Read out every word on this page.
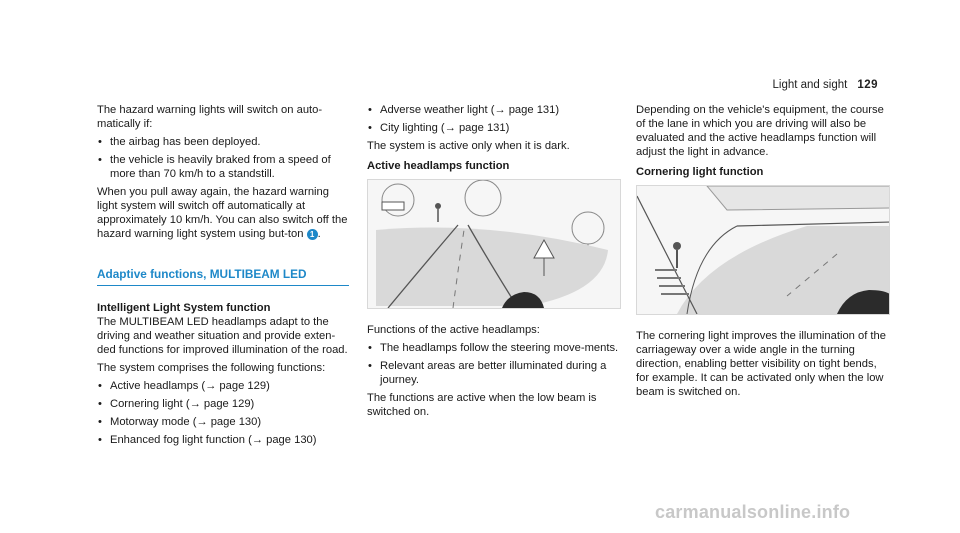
Light and sight 129

The hazard warning lights will switch on auto-matically if:

• the airbag has been deployed.
• the vehicle is heavily braked from a speed of more than 70 km/h to a standstill.

When you pull away again, the hazard warning light system will switch off automatically at approximately 10 km/h. You can also switch off the hazard warning light system using but-ton 1 .

Adaptive functions, MULTIBEAM LED
Intelligent Light System function

The MULTIBEAM LED headlamps adapt to the driving and weather situation and provide exten-ded functions for improved illumination of the road.

The system comprises the following functions:

• Active headlamps (→ page 129)
• Cornering light (→ page 129)
• Motorway mode (→ page 130)
• Enhanced fog light function (→ page 130)
• Adverse weather light (→ page 131)
• City lighting (→ page 131)

The system is active only when it is dark.

Active headlamps function

Functions of the active headlamps:

• The headlamps follow the steering move-ments.
• Relevant areas are better illuminated during a journey.

The functions are active when the low beam is switched on.

Depending on the vehicle's equipment, the course of the lane in which you are driving will also be evaluated and the active headlamps function will adjust the light in advance.

Cornering light function

The cornering light improves the illumination of the carriageway over a wide angle in the turning direction, enabling better visibility on tight bends, for example. It can be activated only when the low beam is switched on.

carmanualsonline.info
